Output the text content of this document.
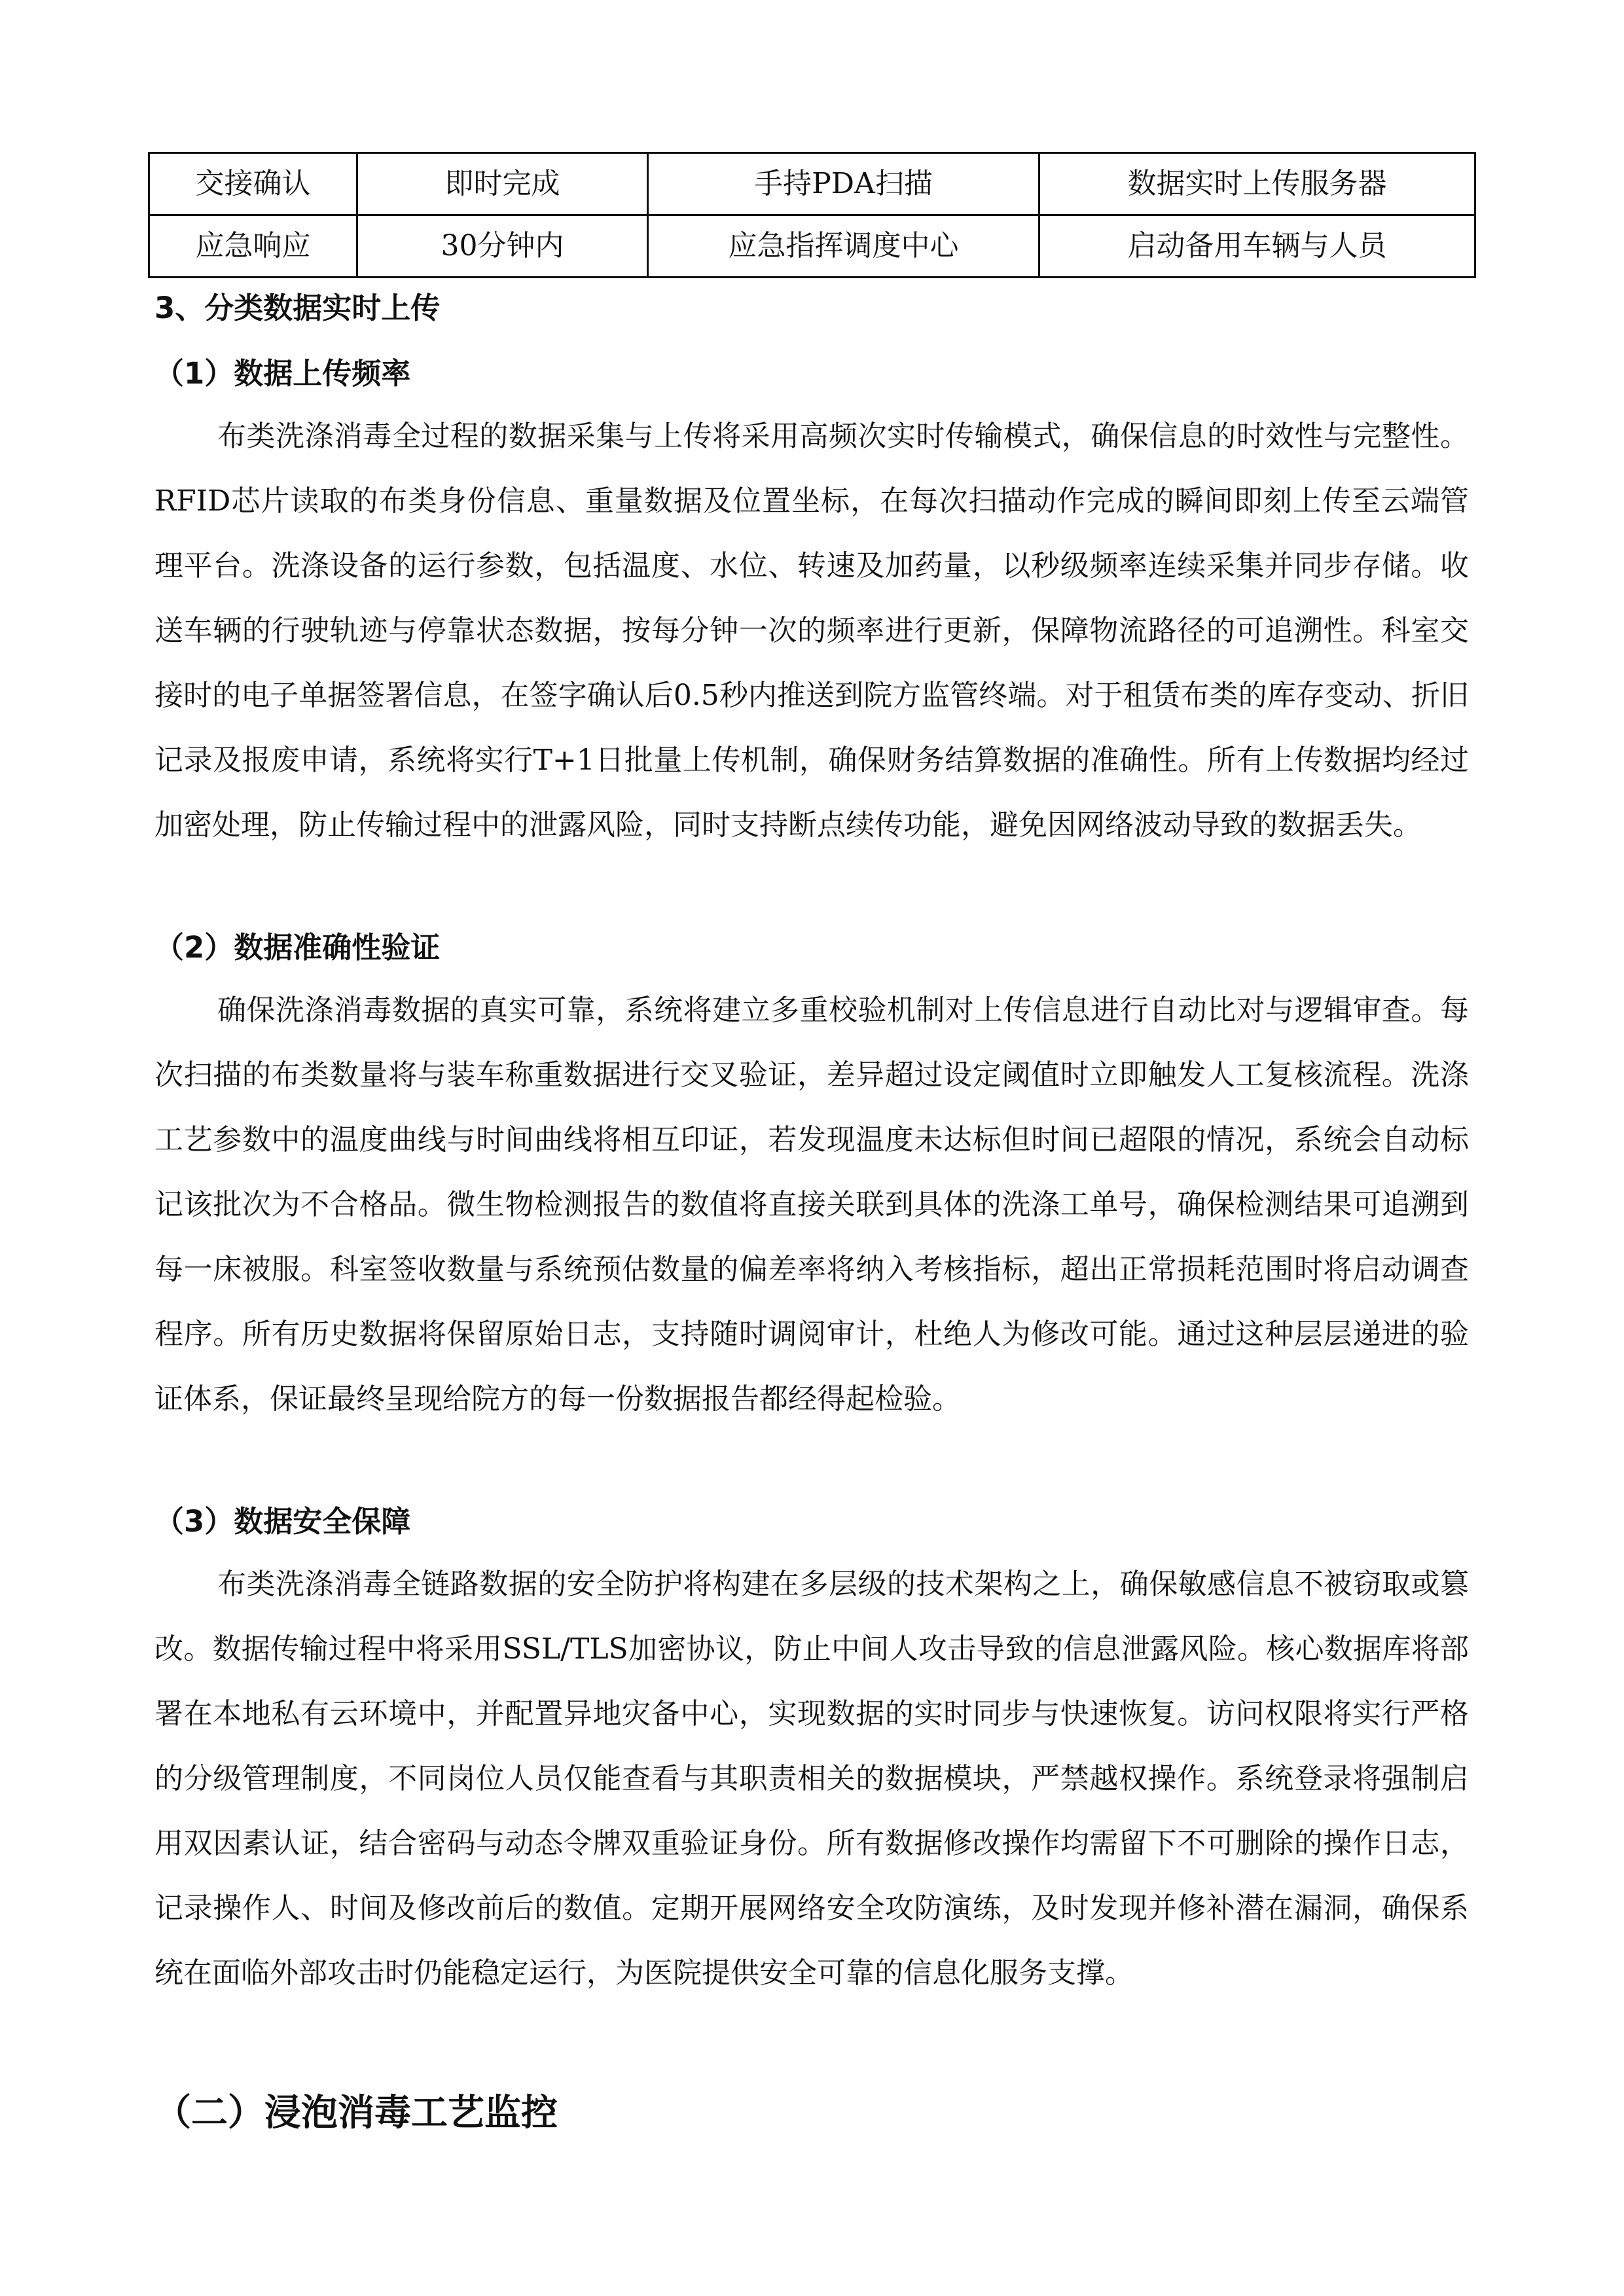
交接确认	即时完成	手持PDA扫描	数据实时上传服务器
应急响应	30分钟内	应急指挥调度中心	启动备用车辆与人员
3、分类数据实时上传
（1）数据上传频率

布类洗涤消毒全过程的数据采集与上传将采用高频次实时传输模式，确保信息的时效性与完整性。RFID芯片读取的布类身份信息、重量数据及位置坐标，在每次扫描动作完成的瞬间即刻上传至云端管理平台。洗涤设备的运行参数，包括温度、水位、转速及加药量，以秒级频率连续采集并同步存储。收送车辆的行驶轨迹与停靠状态数据，按每分钟一次的频率进行更新，保障物流路径的可追溯性。科室交接时的电子单据签署信息，在签字确认后0.5秒内推送到院方监管终端。对于租赁布类的库存变动、折旧记录及报废申请，系统将实行T+1日批量上传机制，确保财务结算数据的准确性。所有上传数据均经过加密处理，防止传输过程中的泄露风险，同时支持断点续传功能，避免因网络波动导致的数据丢失。

（2）数据准确性验证

确保洗涤消毒数据的真实可靠，系统将建立多重校验机制对上传信息进行自动比对与逻辑审查。每次扫描的布类数量将与装车称重数据进行交叉验证，差异超过设定阈值时立即触发人工复核流程。洗涤工艺参数中的温度曲线与时间曲线将相互印证，若发现温度未达标但时间已超限的情况，系统会自动标记该批次为不合格品。微生物检测报告的数值将直接关联到具体的洗涤工单号，确保检测结果可追溯到每一床被服。科室签收数量与系统预估数量的偏差率将纳入考核指标，超出正常损耗范围时将启动调查程序。所有历史数据将保留原始日志，支持随时调阅审计，杜绝人为修改可能。通过这种层层递进的验证体系，保证最终呈现给院方的每一份数据报告都经得起检验。

（3）数据安全保障

布类洗涤消毒全链路数据的安全防护将构建在多层级的技术架构之上，确保敏感信息不被窃取或篡改。数据传输过程中将采用SSL/TLS加密协议，防止中间人攻击导致的信息泄露风险。核心数据库将部署在本地私有云环境中，并配置异地灾备中心，实现数据的实时同步与快速恢复。访问权限将实行严格的分级管理制度，不同岗位人员仅能查看与其职责相关的数据模块，严禁越权操作。系统登录将强制启用双因素认证，结合密码与动态令牌双重验证身份。所有数据修改操作均需留下不可删除的操作日志，记录操作人、时间及修改前后的数值。定期开展网络安全攻防演练，及时发现并修补潜在漏洞，确保系统在面临外部攻击时仍能稳定运行，为医院提供安全可靠的信息化服务支撑。

（二）浸泡消毒工艺监控
